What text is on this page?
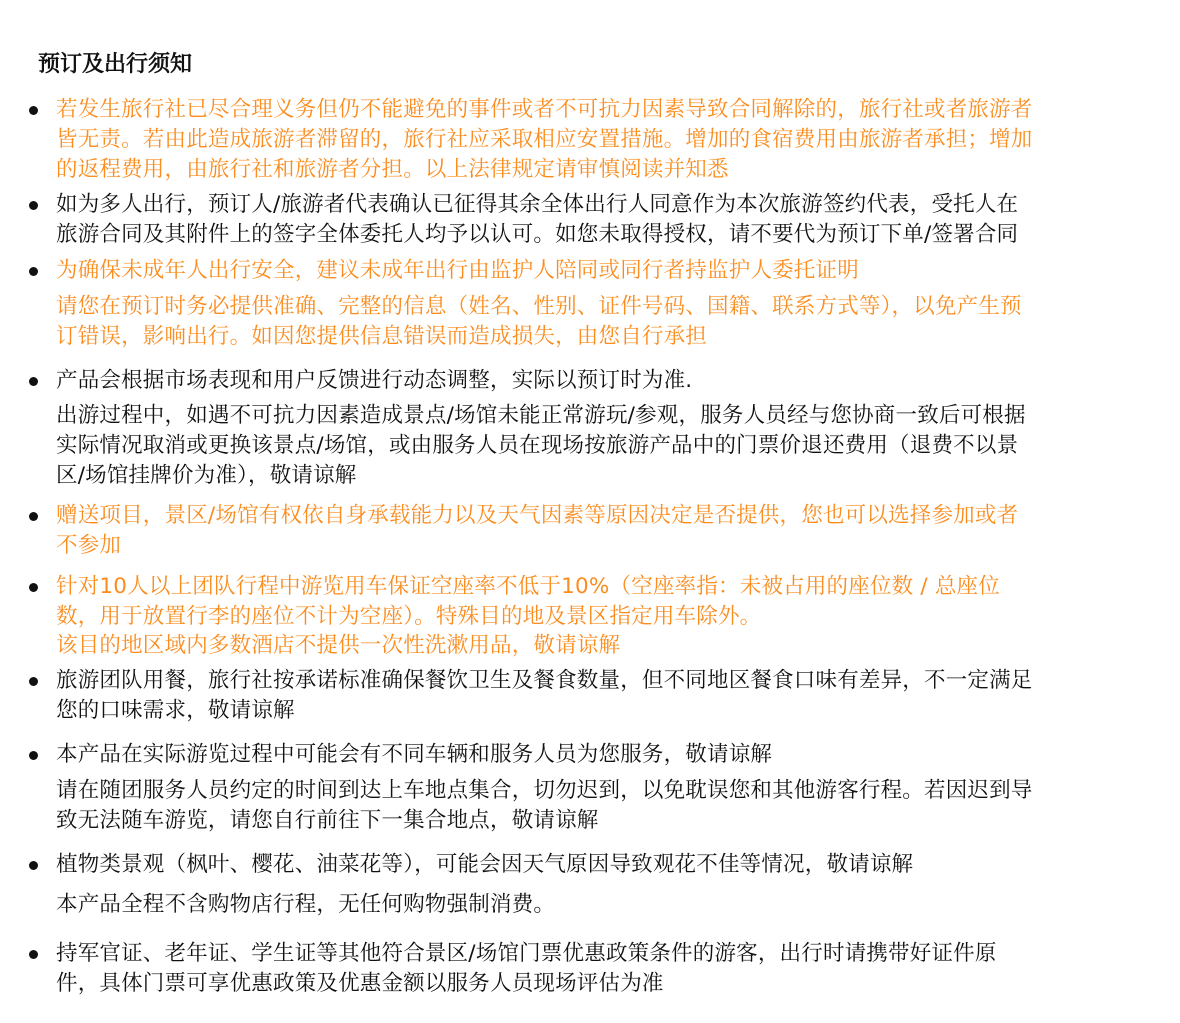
预订及出行须知

若发生旅行社已尽合理义务但仍不能避免的事件或者不可抗力因素导致合同解除的，旅行社或者旅游者
皆无责。若由此造成旅游者滞留的，旅行社应采取相应安置措施。增加的食宿费用由旅游者承担；增加
的返程费用，由旅行社和旅游者分担。以上法律规定请审慎阅读并知悉

如为多人出行，预订人/旅游者代表确认已征得其余全体出行人同意作为本次旅游签约代表，受托人在
旅游合同及其附件上的签字全体委托人均予以认可。如您未取得授权，请不要代为预订下单/签署合同

为确保未成年人出行安全，建议未成年出行由监护人陪同或同行者持监护人委托证明

请您在预订时务必提供准确、完整的信息（姓名、性别、证件号码、国籍、联系方式等），以免产生预
订错误，影响出行。如因您提供信息错误而造成损失，由您自行承担

产品会根据市场表现和用户反馈进行动态调整，实际以预订时为准.

出游过程中，如遇不可抗力因素造成景点/场馆未能正常游玩/参观，服务人员经与您协商一致后可根据
实际情况取消或更换该景点/场馆，或由服务人员在现场按旅游产品中的门票价退还费用（退费不以景
区/场馆挂牌价为准），敬请谅解

赠送项目，景区/场馆有权依自身承载能力以及天气因素等原因决定是否提供，您也可以选择参加或者
不参加

针对10人以上团队行程中游览用车保证空座率不低于10%（空座率指：未被占用的座位数 / 总座位
数，用于放置行李的座位不计为空座）。特殊目的地及景区指定用车除外。

该目的地区域内多数酒店不提供一次性洗漱用品，敬请谅解

旅游团队用餐，旅行社按承诺标准确保餐饮卫生及餐食数量，但不同地区餐食口味有差异，不一定满足
您的口味需求，敬请谅解

本产品在实际游览过程中可能会有不同车辆和服务人员为您服务，敬请谅解

请在随团服务人员约定的时间到达上车地点集合，切勿迟到，以免耽误您和其他游客行程。若因迟到导
致无法随车游览，请您自行前往下一集合地点，敬请谅解

植物类景观（枫叶、樱花、油菜花等），可能会因天气原因导致观花不佳等情况，敬请谅解

本产品全程不含购物店行程，无任何购物强制消费。

持军官证、老年证、学生证等其他符合景区/场馆门票优惠政策条件的游客，出行时请携带好证件原
件，具体门票可享优惠政策及优惠金额以服务人员现场评估为准
